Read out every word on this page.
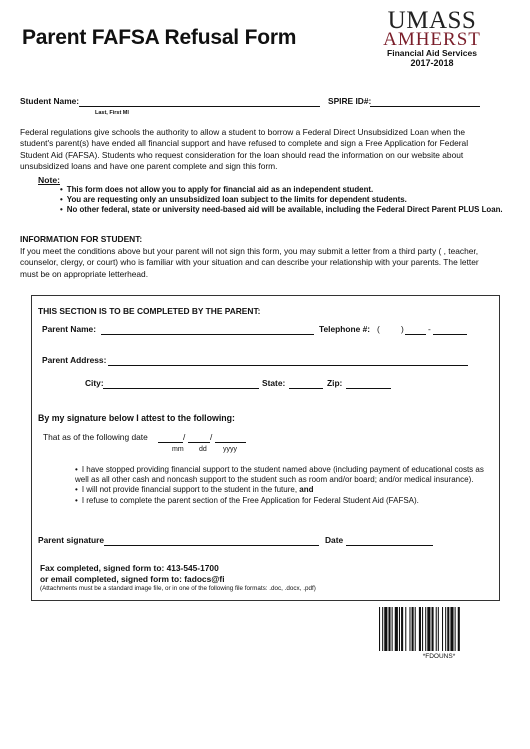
Parent FAFSA Refusal Form
UMASS
AMHERST
Financial Aid Services
2017-2018
Student Name:
Last, First MI
SPIRE ID#:
Federal regulations give schools the authority to allow a student to borrow a Federal Direct Unsubsidized Loan when the student's parent(s) have ended all financial support and have refused to complete and sign a Free Application for Federal Student Aid (FAFSA). Students who request consideration for the loan should read the information on our website about unsubsidized loans and have one parent complete and sign this form.
Note:
• This form does not allow you to apply for financial aid as an independent student.
• You are requesting only an unsubsidized loan subject to the limits for dependent students.
• No other federal, state or university need-based aid will be available, including the Federal Direct Parent PLUS Loan.
INFORMATION FOR STUDENT:
If you meet the conditions above but your parent will not sign this form, you may submit a letter from a third party ( , teacher, counselor, clergy, or court) who is familiar with your situation and can describe your relationship with your parents. The letter must be on appropriate letterhead.
THIS SECTION IS TO BE COMPLETED BY THE PARENT:
Parent Name:	Telephone #: (	)	-
Parent Address:
City:	State:	Zip:
By my signature below I attest to the following:
That as of the following date	/	/
mm dd yyyy
• I have stopped providing financial support to the student named above (including payment of educational costs as well as all other cash and noncash support to the student such as room and/or board; and/or medical insurance).
• I will not provide financial support to the student in the future, and
• I refuse to complete the parent section of the Free Application for Federal Student Aid (FAFSA).
Parent signature	Date
Fax completed, signed form to: 413-545-1700
or email completed, signed form to: fadocs@fi
(Attachments must be a standard image file, or in one of the following file formats: .doc, .docx, .pdf)
*FDOUNS*
